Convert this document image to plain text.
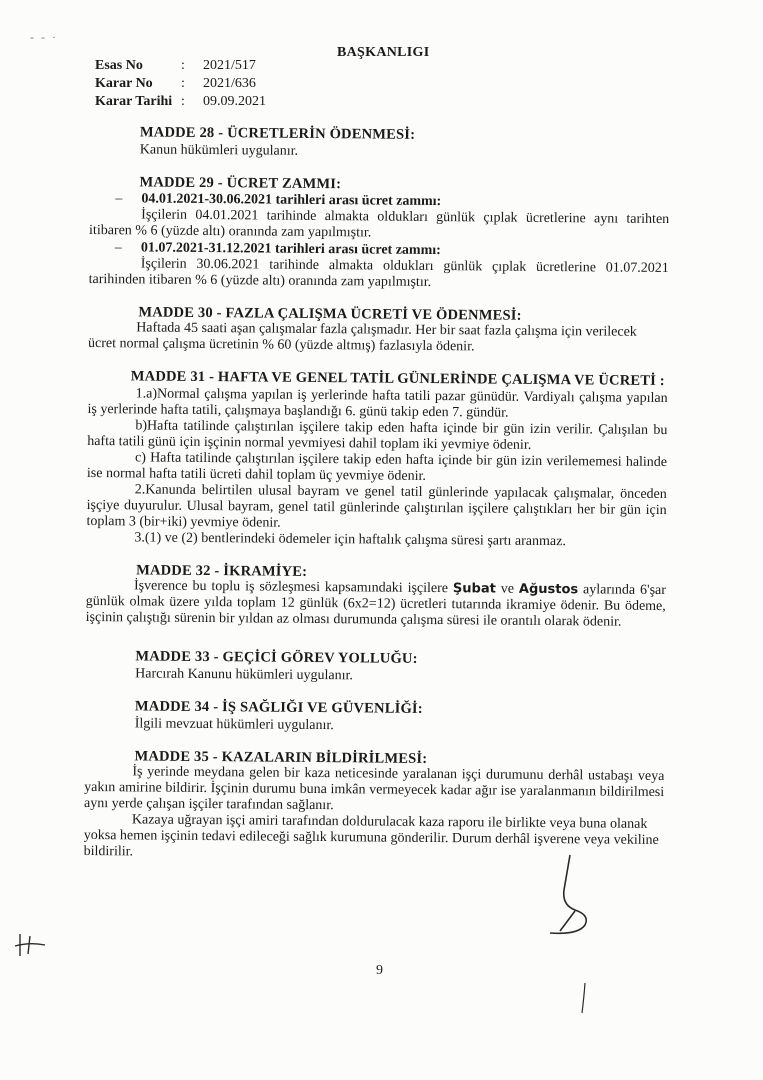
- - ·
BAŞKANLIGI
Esas No	:	2021/517
Karar No	:	2021/636
Karar Tarihi :	09.09.2021
MADDE 28 - ÜCRETLERİN ÖDENMESİ:

Kanun hükümleri uygulanır.

MADDE 29 - ÜCRET ZAMMI:
– 04.01.2021-30.06.2021 tarihleri arası ücret zammı:

İşçilerin 04.01.2021 tarihinde almakta oldukları günlük çıplak ücretlerine aynı tarihten itibaren % 6 (yüzde altı) oranında zam yapılmıştır.

– 01.07.2021-31.12.2021 tarihleri arası ücret zammı:

İşçilerin 30.06.2021 tarihinde almakta oldukları günlük çıplak ücretlerine 01.07.2021 tarihinden itibaren % 6 (yüzde altı) oranında zam yapılmıştır.

MADDE 30 - FAZLA ÇALIŞMA ÜCRETİ VE ÖDENMESİ:

Haftada 45 saati aşan çalışmalar fazla çalışmadır. Her bir saat fazla çalışma için verilecek ücret normal çalışma ücretinin % 60 (yüzde altmış) fazlasıyla ödenir.

MADDE 31 - HAFTA VE GENEL TATİL GÜNLERİNDE ÇALIŞMA VE ÜCRETİ :

1.a)Normal çalışma yapılan iş yerlerinde hafta tatili pazar günüdür. Vardiyalı çalışma yapılan iş yerlerinde hafta tatili, çalışmaya başlandığı 6. günü takip eden 7. gündür.

b)Hafta tatilinde çalıştırılan işçilere takip eden hafta içinde bir gün izin verilir. Çalışılan bu hafta tatili günü için işçinin normal yevmiyesi dahil toplam iki yevmiye ödenir.

c) Hafta tatilinde çalıştırılan işçilere takip eden hafta içinde bir gün izin verilememesi halinde ise normal hafta tatili ücreti dahil toplam üç yevmiye ödenir.

2.Kanunda belirtilen ulusal bayram ve genel tatil günlerinde yapılacak çalışmalar, önceden işçiye duyurulur. Ulusal bayram, genel tatil günlerinde çalıştırılan işçilere çalıştıkları her bir gün için toplam 3 (bir+iki) yevmiye ödenir.

3.(1) ve (2) bentlerindeki ödemeler için haftalık çalışma süresi şartı aranmaz.

MADDE 32 - İKRAMİYE:

İşverence bu toplu iş sözleşmesi kapsamındaki işçilere Şubat ve Ağustos aylarında 6'şar günlük olmak üzere yılda toplam 12 günlük (6x2=12) ücretleri tutarında ikramiye ödenir. Bu ödeme, işçinin çalıştığı sürenin bir yıldan az olması durumunda çalışma süresi ile orantılı olarak ödenir.

MADDE 33 - GEÇİCİ GÖREV YOLLUĞU:

Harcırah Kanunu hükümleri uygulanır.

MADDE 34 - İŞ SAĞLIĞI VE GÜVENLİĞİ:

İlgili mevzuat hükümleri uygulanır.

MADDE 35 - KAZALARIN BİLDİRİLMESİ:

İş yerinde meydana gelen bir kaza neticesinde yaralanan işçi durumunu derhâl ustabaşı veya yakın amirine bildirir. İşçinin durumu buna imkân vermeyecek kadar ağır ise yaralanmanın bildirilmesi aynı yerde çalışan işçiler tarafından sağlanır.

Kazaya uğrayan işçi amiri tarafından doldurulacak kaza raporu ile birlikte veya buna olanak yoksa hemen işçinin tedavi edileceği sağlık kurumuna gönderilir. Durum derhâl işverene veya vekiline bildirilir.

9
